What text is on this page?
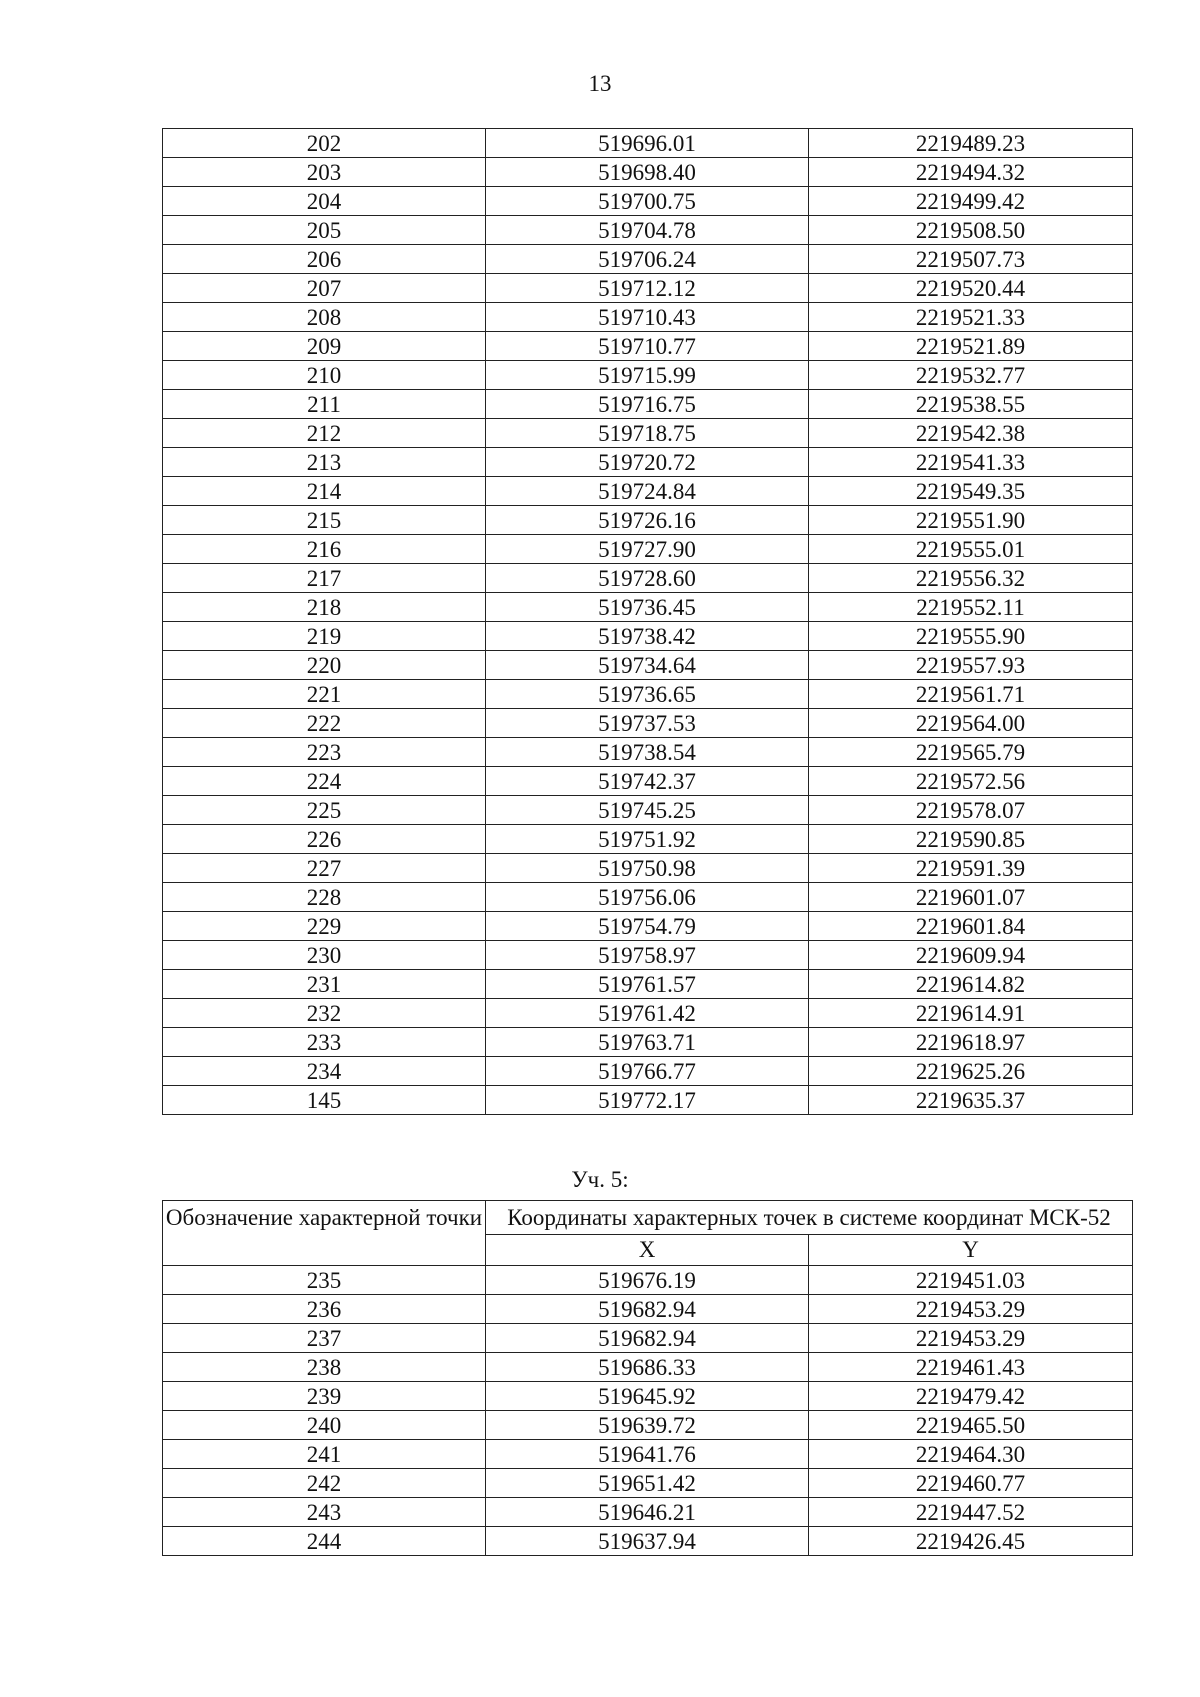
13
202	519696.01	2219489.23
203	519698.40	2219494.32
204	519700.75	2219499.42
205	519704.78	2219508.50
206	519706.24	2219507.73
207	519712.12	2219520.44
208	519710.43	2219521.33
209	519710.77	2219521.89
210	519715.99	2219532.77
211	519716.75	2219538.55
212	519718.75	2219542.38
213	519720.72	2219541.33
214	519724.84	2219549.35
215	519726.16	2219551.90
216	519727.90	2219555.01
217	519728.60	2219556.32
218	519736.45	2219552.11
219	519738.42	2219555.90
220	519734.64	2219557.93
221	519736.65	2219561.71
222	519737.53	2219564.00
223	519738.54	2219565.79
224	519742.37	2219572.56
225	519745.25	2219578.07
226	519751.92	2219590.85
227	519750.98	2219591.39
228	519756.06	2219601.07
229	519754.79	2219601.84
230	519758.97	2219609.94
231	519761.57	2219614.82
232	519761.42	2219614.91
233	519763.71	2219618.97
234	519766.77	2219625.26
145	519772.17	2219635.37
Уч. 5:
Обозначение характерной точки	Координаты характерных точек в системе координат МСК-52	
	X	Y
235	519676.19	2219451.03
236	519682.94	2219453.29
237	519682.94	2219453.29
238	519686.33	2219461.43
239	519645.92	2219479.42
240	519639.72	2219465.50
241	519641.76	2219464.30
242	519651.42	2219460.77
243	519646.21	2219447.52
244	519637.94	2219426.45
